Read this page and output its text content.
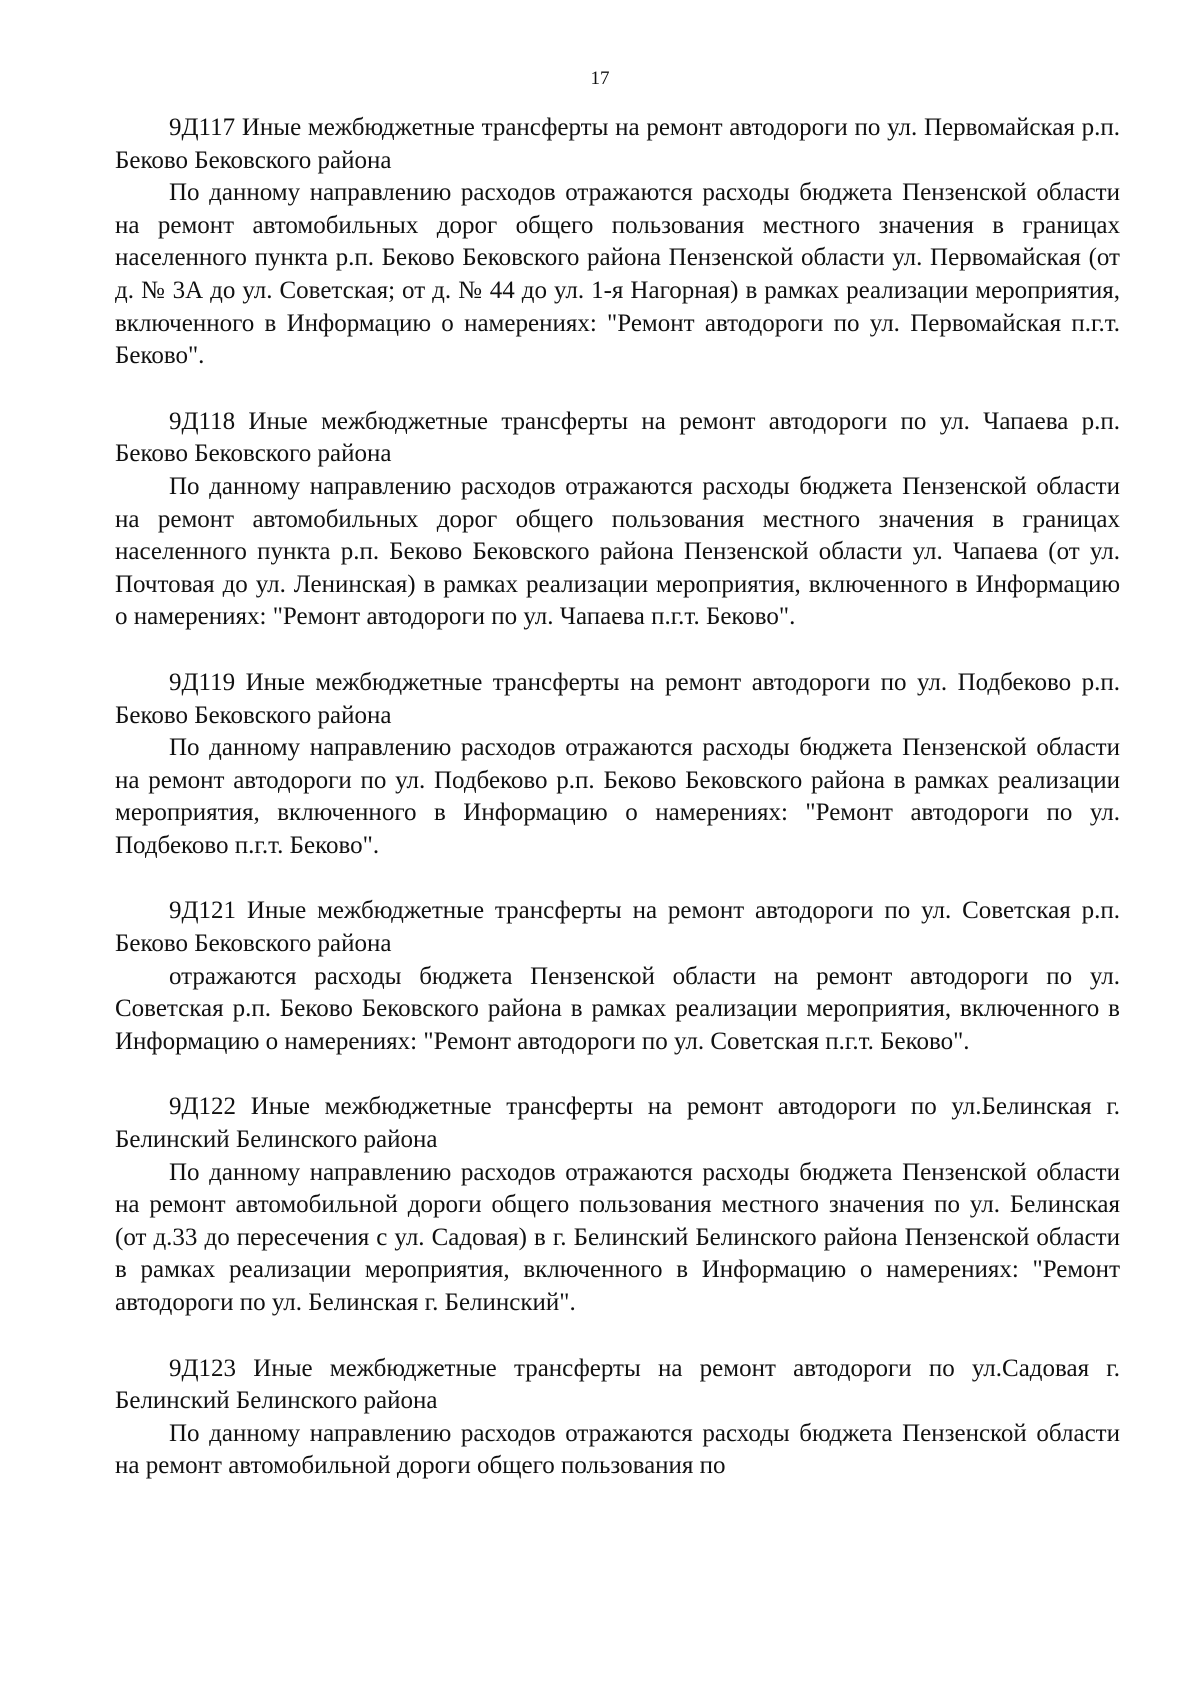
17

9Д117 Иные межбюджетные трансферты на ремонт автодороги по ул. Первомайская р.п. Беково Бековского района

По данному направлению расходов отражаются расходы бюджета Пензенской области на ремонт автомобильных дорог общего пользования местного значения в границах населенного пункта р.п. Беково Бековского района Пензенской области ул. Первомайская (от д. № 3А до ул. Советская; от д. № 44 до ул. 1-я Нагорная) в рамках реализации мероприятия, включенного в Информацию о намерениях: "Ремонт автодороги по ул. Первомайская п.г.т. Беково".

9Д118 Иные межбюджетные трансферты на ремонт автодороги по ул. Чапаева р.п. Беково Бековского района

По данному направлению расходов отражаются расходы бюджета Пензенской области на ремонт автомобильных дорог общего пользования местного значения в границах населенного пункта р.п. Беково Бековского района Пензенской области ул. Чапаева (от ул. Почтовая до ул. Ленинская) в рамках реализации мероприятия, включенного в Информацию о намерениях: "Ремонт автодороги по ул. Чапаева п.г.т. Беково".

9Д119 Иные межбюджетные трансферты на ремонт автодороги по ул. Подбеково р.п. Беково Бековского района

По данному направлению расходов отражаются расходы бюджета Пензенской области на ремонт автодороги по ул. Подбеково р.п. Беково Бековского района в рамках реализации мероприятия, включенного в Информацию о намерениях: "Ремонт автодороги по ул. Подбеково п.г.т. Беково".

9Д121 Иные межбюджетные трансферты на ремонт автодороги по ул. Советская р.п. Беково Бековского района

отражаются расходы бюджета Пензенской области на ремонт автодороги по ул. Советская р.п. Беково Бековского района в рамках реализации мероприятия, включенного в Информацию о намерениях: "Ремонт автодороги по ул. Советская п.г.т. Беково".

9Д122 Иные межбюджетные трансферты на ремонт автодороги по ул.Белинская г. Белинский Белинского района

По данному направлению расходов отражаются расходы бюджета Пензенской области на ремонт автомобильной дороги общего пользования местного значения по ул. Белинская (от д.33 до пересечения с ул. Садовая) в г. Белинский Белинского района Пензенской области в рамках реализации мероприятия, включенного в Информацию о намерениях: "Ремонт автодороги по ул. Белинская г. Белинский".

9Д123 Иные межбюджетные трансферты на ремонт автодороги по ул.Садовая г. Белинский Белинского района

По данному направлению расходов отражаются расходы бюджета Пензенской области на ремонт автомобильной дороги общего пользования по
